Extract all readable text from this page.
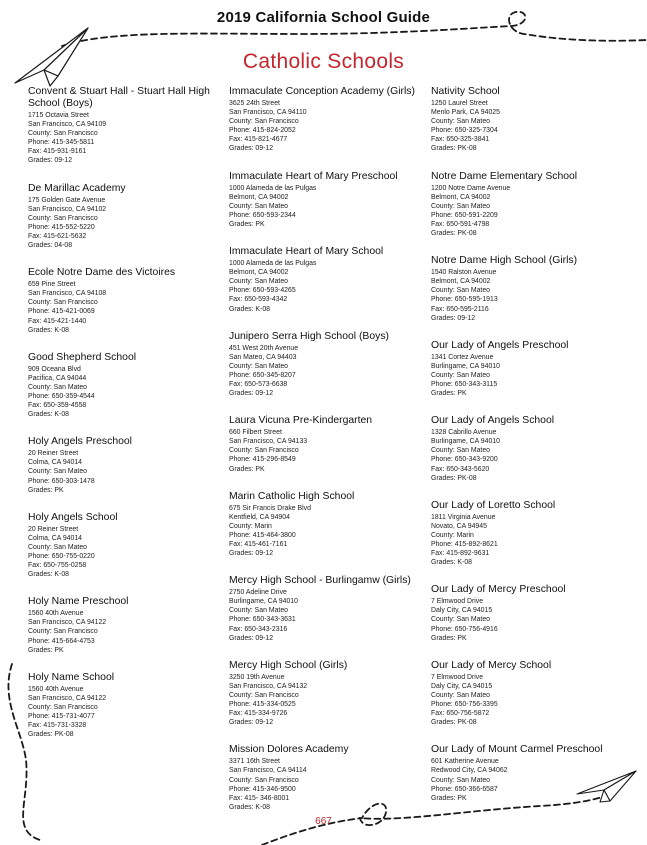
2019 California School Guide
Catholic Schools
Convent & Stuart Hall - Stuart Hall High School (Boys)
1715 Octavia Street
San Francisco, CA 94109
County: San Francisco
Phone: 415-345-5811
Fax: 415-931-9161
Grades: 09-12
De Marillac Academy
175 Golden Gate Avenue
San Francisco, CA 94102
County: San Francisco
Phone: 415-552-5220
Fax: 415-621-5632
Grades: 04-08
Ecole Notre Dame des Victoires
659 Pine Street
San Francisco, CA 94108
County: San Francisco
Phone: 415-421-0069
Fax: 415-421-1440
Grades: K-08
Good Shepherd School
909 Oceana Blvd
Pacifica, CA 94044
County: San Mateo
Phone: 650-359-4544
Fax: 650-359-4558
Grades: K-08
Holy Angels Preschool
20 Reiner Street
Colma, CA 94014
County: San Mateo
Phone: 650-303-1478
Grades: PK
Holy Angels School
20 Reiner Street
Colma, CA 94014
County: San Mateo
Phone: 650-755-0220
Fax: 650-755-0258
Grades: K-08
Holy Name Preschool
1560 40th Avenue
San Francisco, CA 94122
County: San Francisco
Phone: 415-664-4753
Grades: PK
Holy Name School
1560 40th Avenue
San Francisco, CA 94122
County: San Francisco
Phone: 415-731-4077
Fax: 415-731-3328
Grades: PK-08
Immaculate Conception Academy (Girls)
3625 24th Street
San Francisco, CA 94110
County: San Francisco
Phone: 415-824-2052
Fax: 415-821-4677
Grades: 09-12
Immaculate Heart of Mary Preschool
1000 Alameda de las Pulgas
Belmont, CA 94002
County: San Mateo
Phone: 650-593-2344
Grades: PK
Immaculate Heart of Mary School
1000 Alameda de las Pulgas
Belmont, CA 94002
County: San Mateo
Phone: 650-593-4265
Fax: 650-593-4342
Grades: K-08
Junipero Serra High School (Boys)
451 West 20th Avenue
San Mateo, CA 94403
County: San Mateo
Phone: 650-345-8207
Fax: 650-573-6638
Grades: 09-12
Laura Vicuna Pre-Kindergarten
660 Filbert Street
San Francisco, CA 94133
County: San Francisco
Phone: 415-296-8549
Grades: PK
Marin Catholic High School
675 Sir Francis Drake Blvd
Kentfield, CA 94904
County: Marin
Phone: 415-464-3800
Fax: 415-461-7161
Grades: 09-12
Mercy High School - Burlingamw (Girls)
2750 Adeline Drive
Burlingame, CA 94010
County: San Mateo
Phone: 650-343-3631
Fax: 650-343-2316
Grades: 09-12
Mercy High School (Girls)
3250 19th Avenue
San Francisco, CA 94132
County: San Francisco
Phone: 415-334-0525
Fax: 415-334-9726
Grades: 09-12
Mission Dolores Academy
3371 16th Street
San Francisco, CA 94114
County: San Francisco
Phone: 415-346-9500
Fax: 415- 346-8001
Grades: K-08
Nativity School
1250 Laurel Street
Menlo Park, CA 94025
County: San Mateo
Phone: 650-325-7304
Fax: 650-325-3841
Grades: PK-08
Notre Dame Elementary School
1200 Notre Dame Avenue
Belmont, CA 94002
County: San Mateo
Phone: 650-591-2209
Fax: 650-591-4798
Grades: PK-08
Notre Dame High School (Girls)
1540 Ralston Avenue
Belmont, CA 94002
County: San Mateo
Phone: 650-595-1913
Fax: 650-595-2116
Grades: 09-12
Our Lady of Angels Preschool
1341 Cortez Avenue
Burlingame, CA 94010
County: San Mateo
Phone: 650-343-3115
Grades: PK
Our Lady of Angels School
1328 Cabrillo Avenue
Burlingame, CA 94010
County: San Mateo
Phone: 650-343-9200
Fax: 650-343-5620
Grades: PK-08
Our Lady of Loretto School
1811 Virginia Avenue
Novato, CA 94945
County: Marin
Phone: 415-892-8621
Fax: 415-892-9631
Grades: K-08
Our Lady of Mercy Preschool
7 Elmwood Drive
Daly City, CA 94015
County: San Mateo
Phone: 650-756-4916
Grades: PK
Our Lady of Mercy School
7 Elmwood Drive
Daly City, CA 94015
County: San Mateo
Phone: 650-756-3395
Fax: 650-756-5872
Grades: PK-08
Our Lady of Mount Carmel Preschool
601 Katherine Avenue
Redwood City, CA 94062
County: San Mateo
Phone: 650-366-6587
Grades: PK
667
